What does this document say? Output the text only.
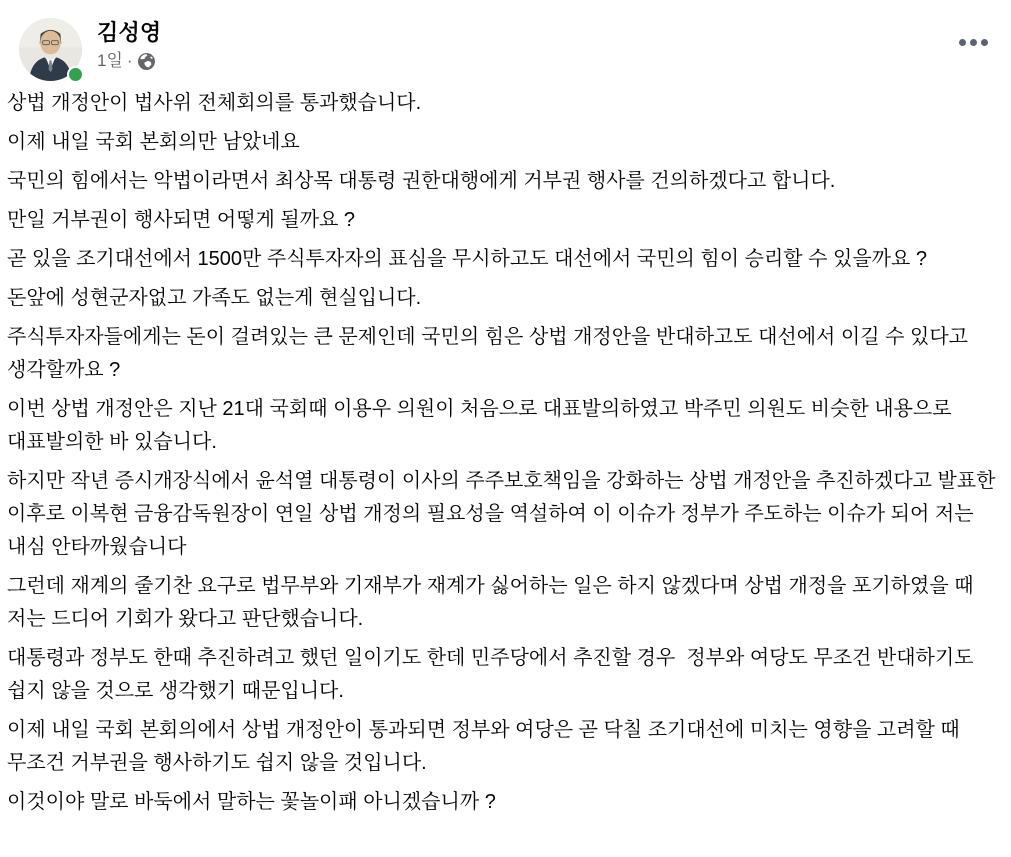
김성영
1일 ·

상법 개정안이 법사위 전체회의를 통과했습니다.

이제 내일 국회 본회의만 남았네요

국민의 힘에서는 악법이라면서 최상목 대통령 권한대행에게 거부권 행사를 건의하겠다고 합니다.

만일 거부권이 행사되면 어떻게 될까요 ?

곧 있을 조기대선에서 1500만 주식투자자의 표심을 무시하고도 대선에서 국민의 힘이 승리할 수 있을까요 ?

돈앞에 성현군자없고 가족도 없는게 현실입니다.

주식투자자들에게는 돈이 걸려있는 큰 문제인데 국민의 힘은 상법 개정안을 반대하고도 대선에서 이길 수 있다고 생각할까요 ?

이번 상법 개정안은 지난 21대 국회때 이용우 의원이 처음으로 대표발의하였고 박주민 의원도 비슷한 내용으로 대표발의한 바 있습니다.

하지만 작년 증시개장식에서 윤석열 대통령이 이사의 주주보호책임을 강화하는 상법 개정안을 추진하겠다고 발표한 이후로 이복현 금융감독원장이 연일 상법 개정의 필요성을 역설하여 이 이슈가 정부가 주도하는 이슈가 되어 저는 내심 안타까웠습니다

그런데 재계의 줄기찬 요구로 법무부와 기재부가 재계가 싫어하는 일은 하지 않겠다며 상법 개정을 포기하였을 때 저는 드디어 기회가 왔다고 판단했습니다.

대통령과 정부도 한때 추진하려고 했던 일이기도 한데 민주당에서 추진할 경우  정부와 여당도 무조건 반대하기도 쉽지 않을 것으로 생각했기 때문입니다.

이제 내일 국회 본회의에서 상법 개정안이 통과되면 정부와 여당은 곧 닥칠 조기대선에 미치는 영향을 고려할 때 무조건 거부권을 행사하기도 쉽지 않을 것입니다.

이것이야 말로 바둑에서 말하는 꽃놀이패 아니겠습니까 ?
